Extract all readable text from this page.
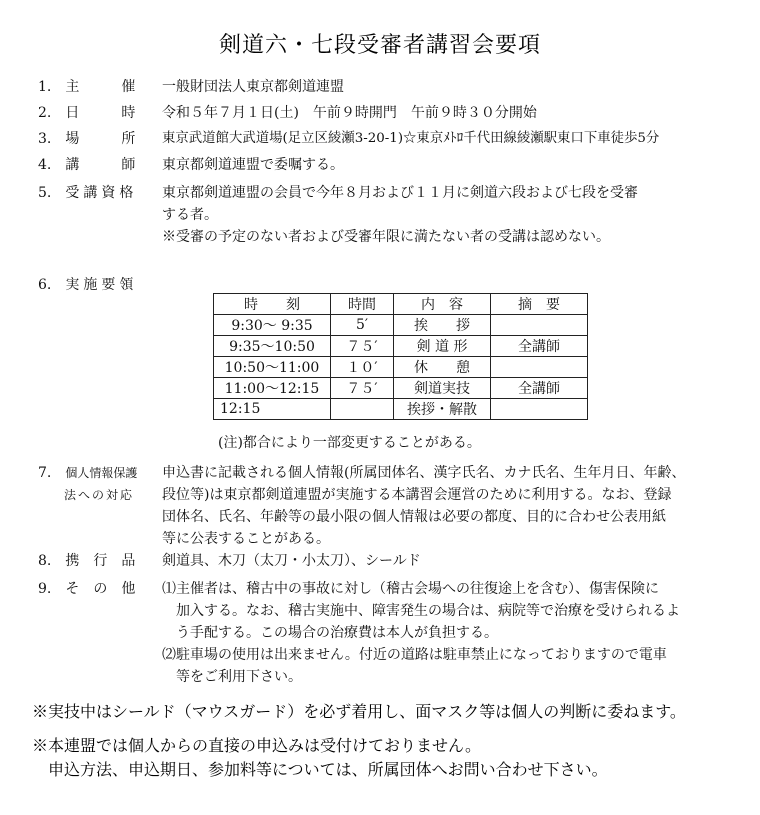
剣道六・七段受審者講習会要項
1. 主　　　催	一般財団法人東京都剣道連盟
2. 日　　　時	令和５年７月１日(土)　午前９時開門　午前９時３０分開始
3. 場　　　所	東京武道館大武道場(足立区綾瀬3-20-1)☆東京ﾒﾄﾛ千代田線綾瀬駅東口下車徒歩5分
4. 講　　　師	東京都剣道連盟で委嘱する。
5. 受講資格	東京都剣道連盟の会員で今年８月および１１月に剣道六段および七段を受審
する者。
※受審の予定のない者および受審年限に満たない者の受講は認めない。
6. 実施要領
時　　刻	時間	内　容	摘　要
9:30～ 9:35	5′	挨　　拶	
9:35～10:50	７５′	剣 道 形	全講師
10:50～11:00	１０′	休　　憩	
11:00～12:15	７５′	剣道実技	全講師
12:15		挨拶・解散	
(注)都合により一部変更することがある。
7. 個人情報保護
法への対応
申込書に記載される個人情報(所属団体名、漢字氏名、カナ氏名、生年月日、年齢、
段位等)は東京都剣道連盟が実施する本講習会運営のために利用する。なお、登録
団体名、氏名、年齢等の最小限の個人情報は必要の都度、目的に合わせ公表用紙
等に公表することがある。
8. 携　行　品	剣道具、木刀（太刀・小太刀）、シールド
9. そ　の　他	⑴主催者は、稽古中の事故に対し（稽古会場への往復途上を含む）、傷害保険に
　加入する。なお、稽古実施中、障害発生の場合は、病院等で治療を受けられるよ
　う手配する。この場合の治療費は本人が負担する。
⑵駐車場の使用は出来ません。付近の道路は駐車禁止になっておりますので電車
　等をご利用下さい。
※実技中はシールド（マウスガード）を必ず着用し、面マスク等は個人の判断に委ねます。
※本連盟では個人からの直接の申込みは受付けておりません。
　申込方法、申込期日、参加料等については、所属団体へお問い合わせ下さい。
